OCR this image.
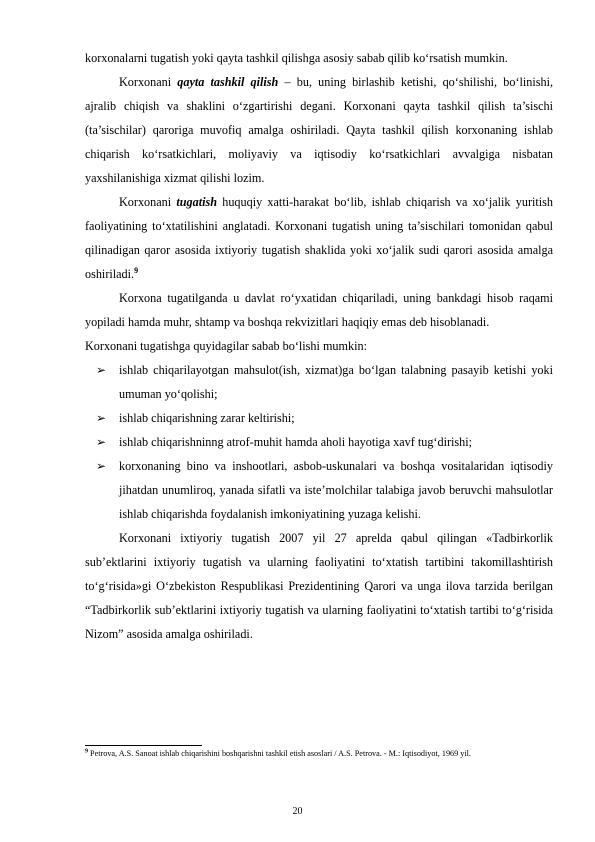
korxonalarni tugatish yoki qayta tashkil qilishga asosiy sabab qilib ko‘rsatish mumkin.

Korxonani qayta tashkil qilish – bu, uning birlashib ketishi, qo‘shilishi, bo‘linishi, ajralib chiqish va shaklini o‘zgartirishi degani. Korxonani qayta tashkil qilish ta’sischi (ta’sischilar) qaroriga muvofiq amalga oshiriladi. Qayta tashkil qilish korxonaning ishlab chiqarish ko‘rsatkichlari, moliyaviy va iqtisodiy ko‘rsatkichlari avvalgiga nisbatan yaxshilanishiga xizmat qilishi lozim.

Korxonani tugatish huquqiy xatti-harakat bo‘lib, ishlab chiqarish va xo‘jalik yuritish faoliyatining to‘xtatilishini anglatadi. Korxonani tugatish uning ta’sischilari tomonidan qabul qilinadigan qaror asosida ixtiyoriy tugatish shaklida yoki xo‘jalik sudi qarori asosida amalga oshiriladi.$^9$

Korxona tugatilganda u davlat ro‘yxatidan chiqariladi, uning bankdagi hisob raqami yopiladi hamda muhr, shtamp va boshqa rekvizitlari haqiqiy emas deb hisoblanadi.

Korxonani tugatishga quyidagilar sabab bo‘lishi mumkin:

➢ ishlab chiqarilayotgan mahsulot(ish, xizmat)ga bo‘lgan talabning pasayib ketishi yoki umuman yo‘qolishi;
➢ ishlab chiqarishning zarar keltirishi;
➢ ishlab chiqarishninng atrof-muhit hamda aholi hayotiga xavf tug‘dirishi;
➢ korxonaning bino va inshootlari, asbob-uskunalari va boshqa vositalaridan iqtisodiy jihatdan unumliroq, yanada sifatli va iste’molchilar talabiga javob beruvchi mahsulotlar ishlab chiqarishda foydalanish imkoniyatining yuzaga kelishi.

Korxonani ixtiyoriy tugatish 2007 yil 27 aprelda qabul qilingan «Tadbirkorlik sub’ektlarini ixtiyoriy tugatish va ularning faoliyatini to‘xtatish tartibini takomillashtirish to‘g‘risida»gi O‘zbekiston Respublikasi Prezidentining Qarori va unga ilova tarzida berilgan “Tadbirkorlik sub’ektlarini ixtiyoriy tugatish va ularning faoliyatini to‘xtatish tartibi to‘g‘risida Nizom” asosida amalga oshiriladi.

$^9$ Petrova, A.S. Sanoat ishlab chiqarishini boshqarishni tashkil etish asoslari / A.S. Petrova. - M.: Iqtisodiyot, 1969 yil.
20
